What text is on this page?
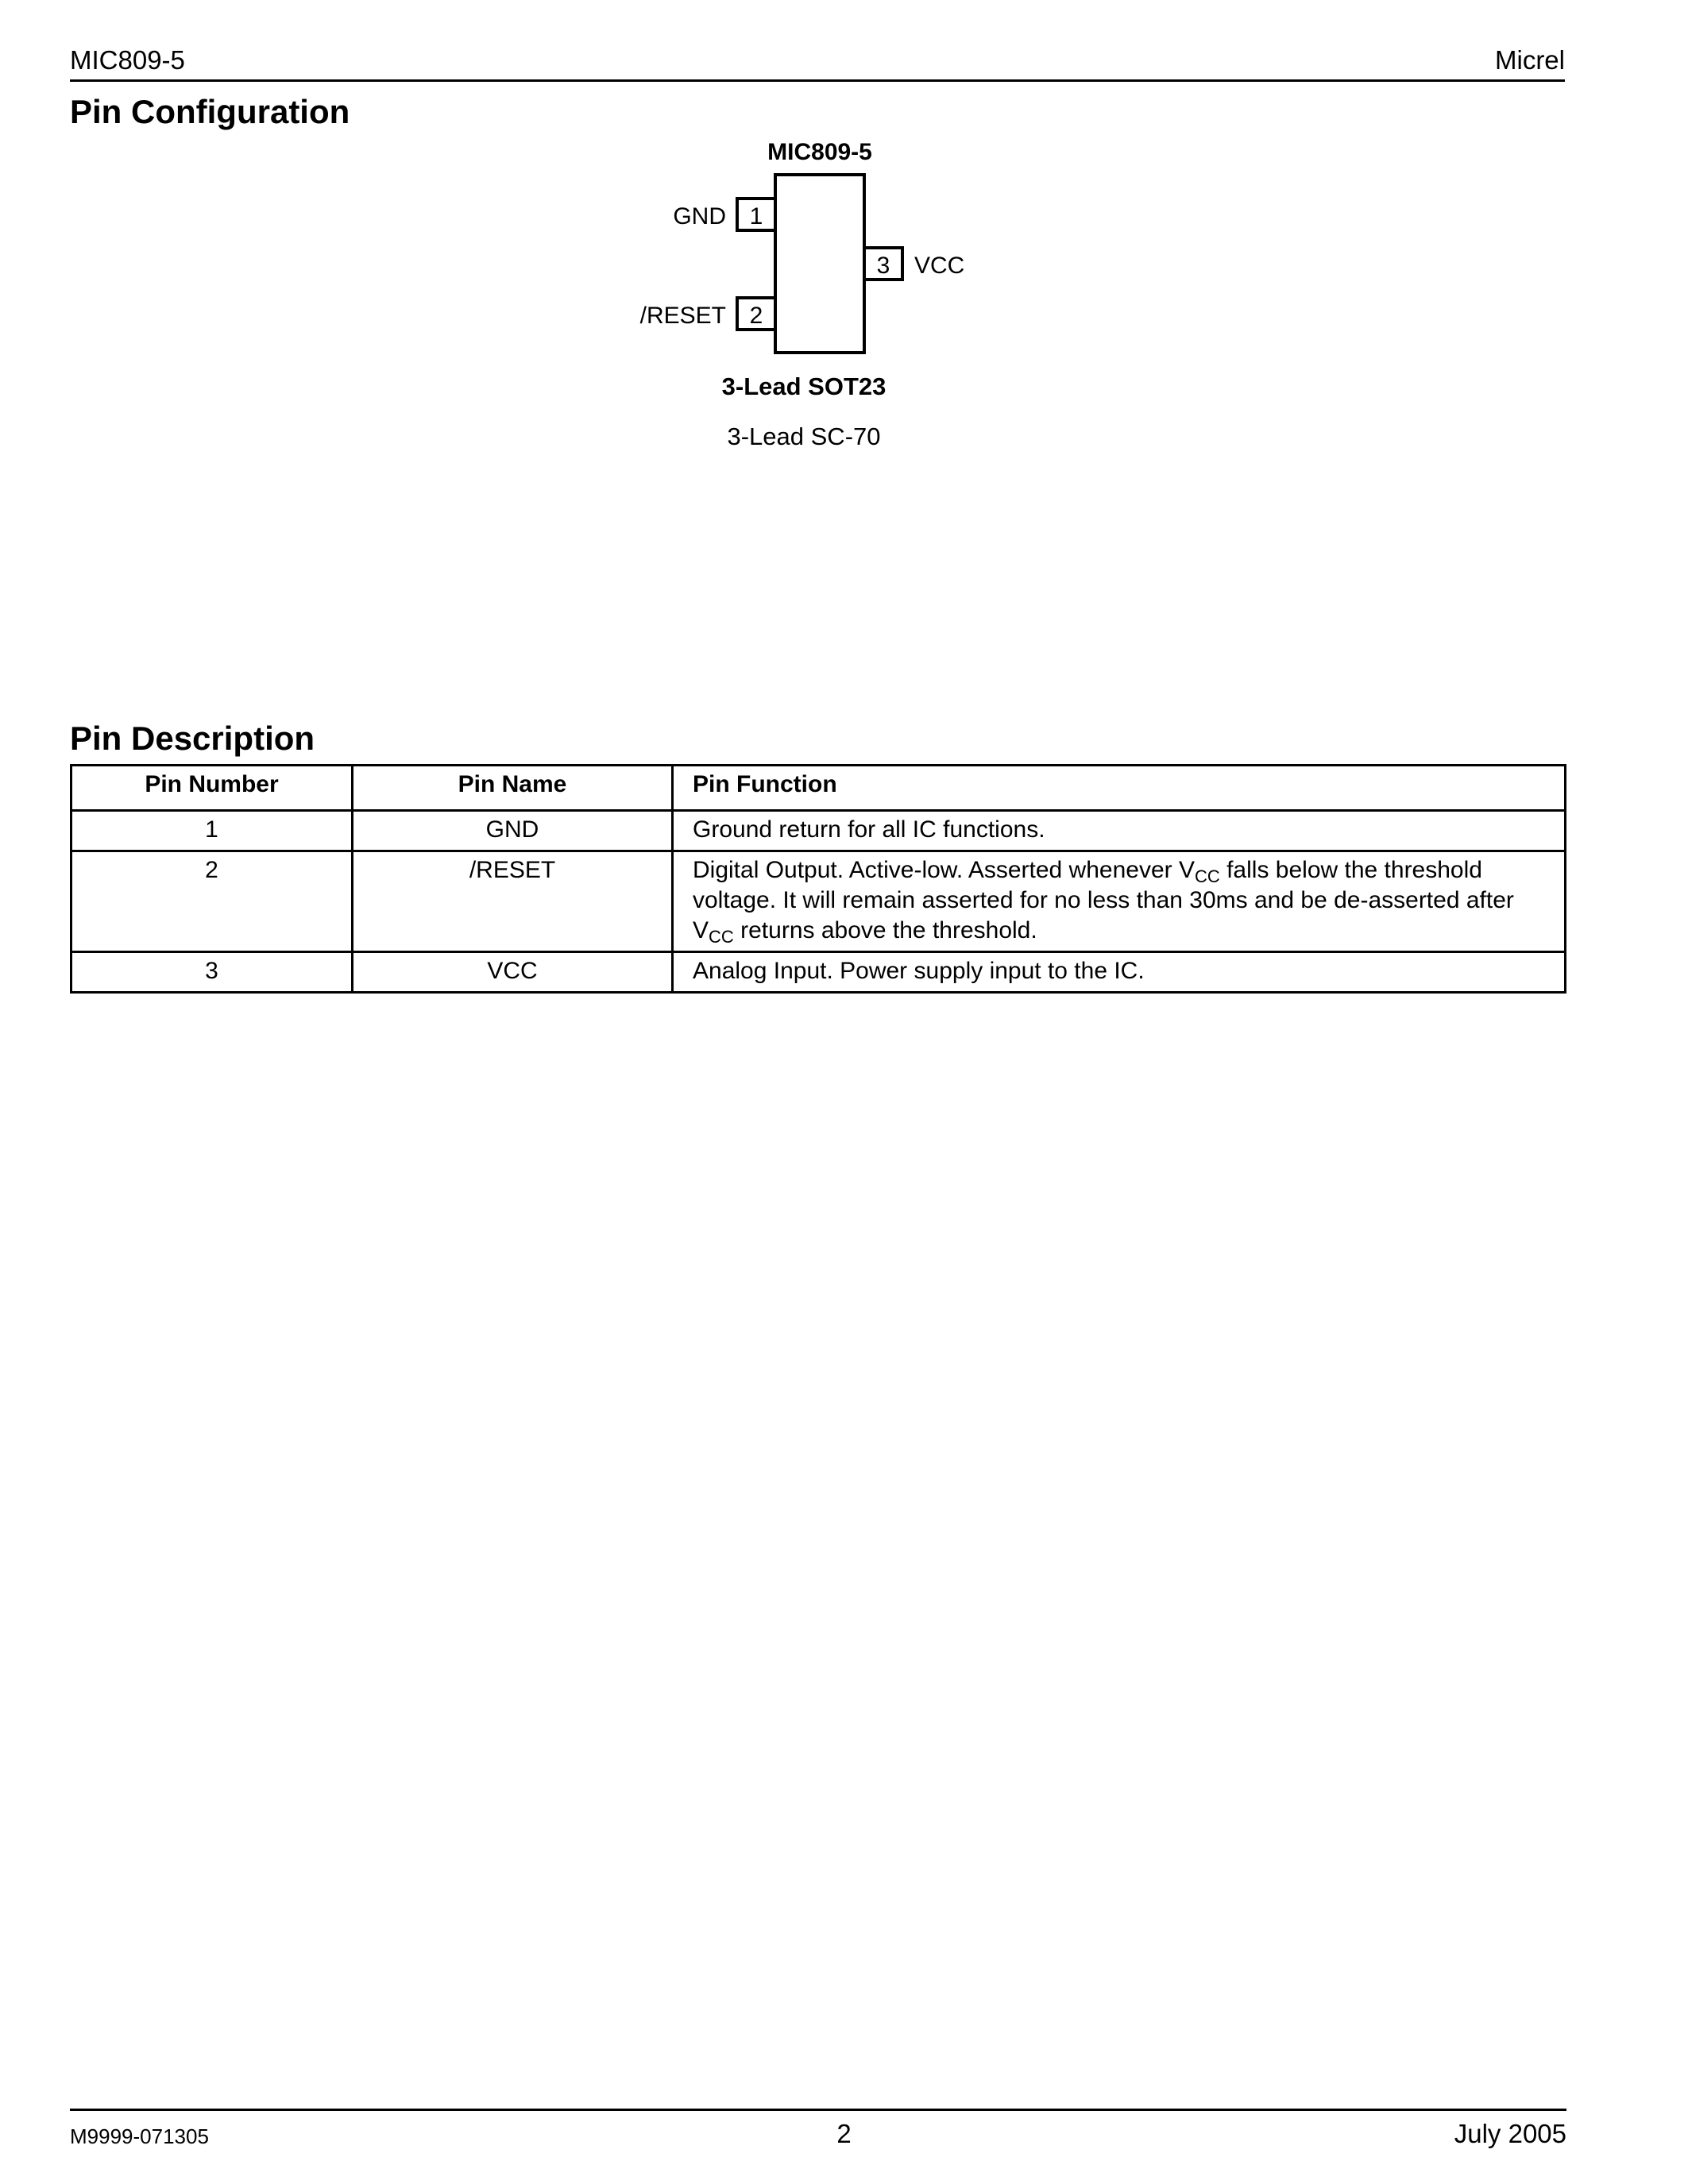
MIC809-5	Micrel
Pin Configuration
MIC809-5
1
GND
2
/RESET
3 VCC
3-Lead SOT23
3-Lead SC-70
Pin Description
Pin Number	Pin Name	Pin Function
1	GND	Ground return for all IC functions.
2	/RESET	Digital Output. Active-low. Asserted whenever $V_{CC}$ falls below the threshold voltage. It will remain asserted for no less than 30ms and be de-asserted after $V_{CC}$ returns above the threshold.
3	VCC	Analog Input. Power supply input to the IC.
M9999-071305	2	July 2005
